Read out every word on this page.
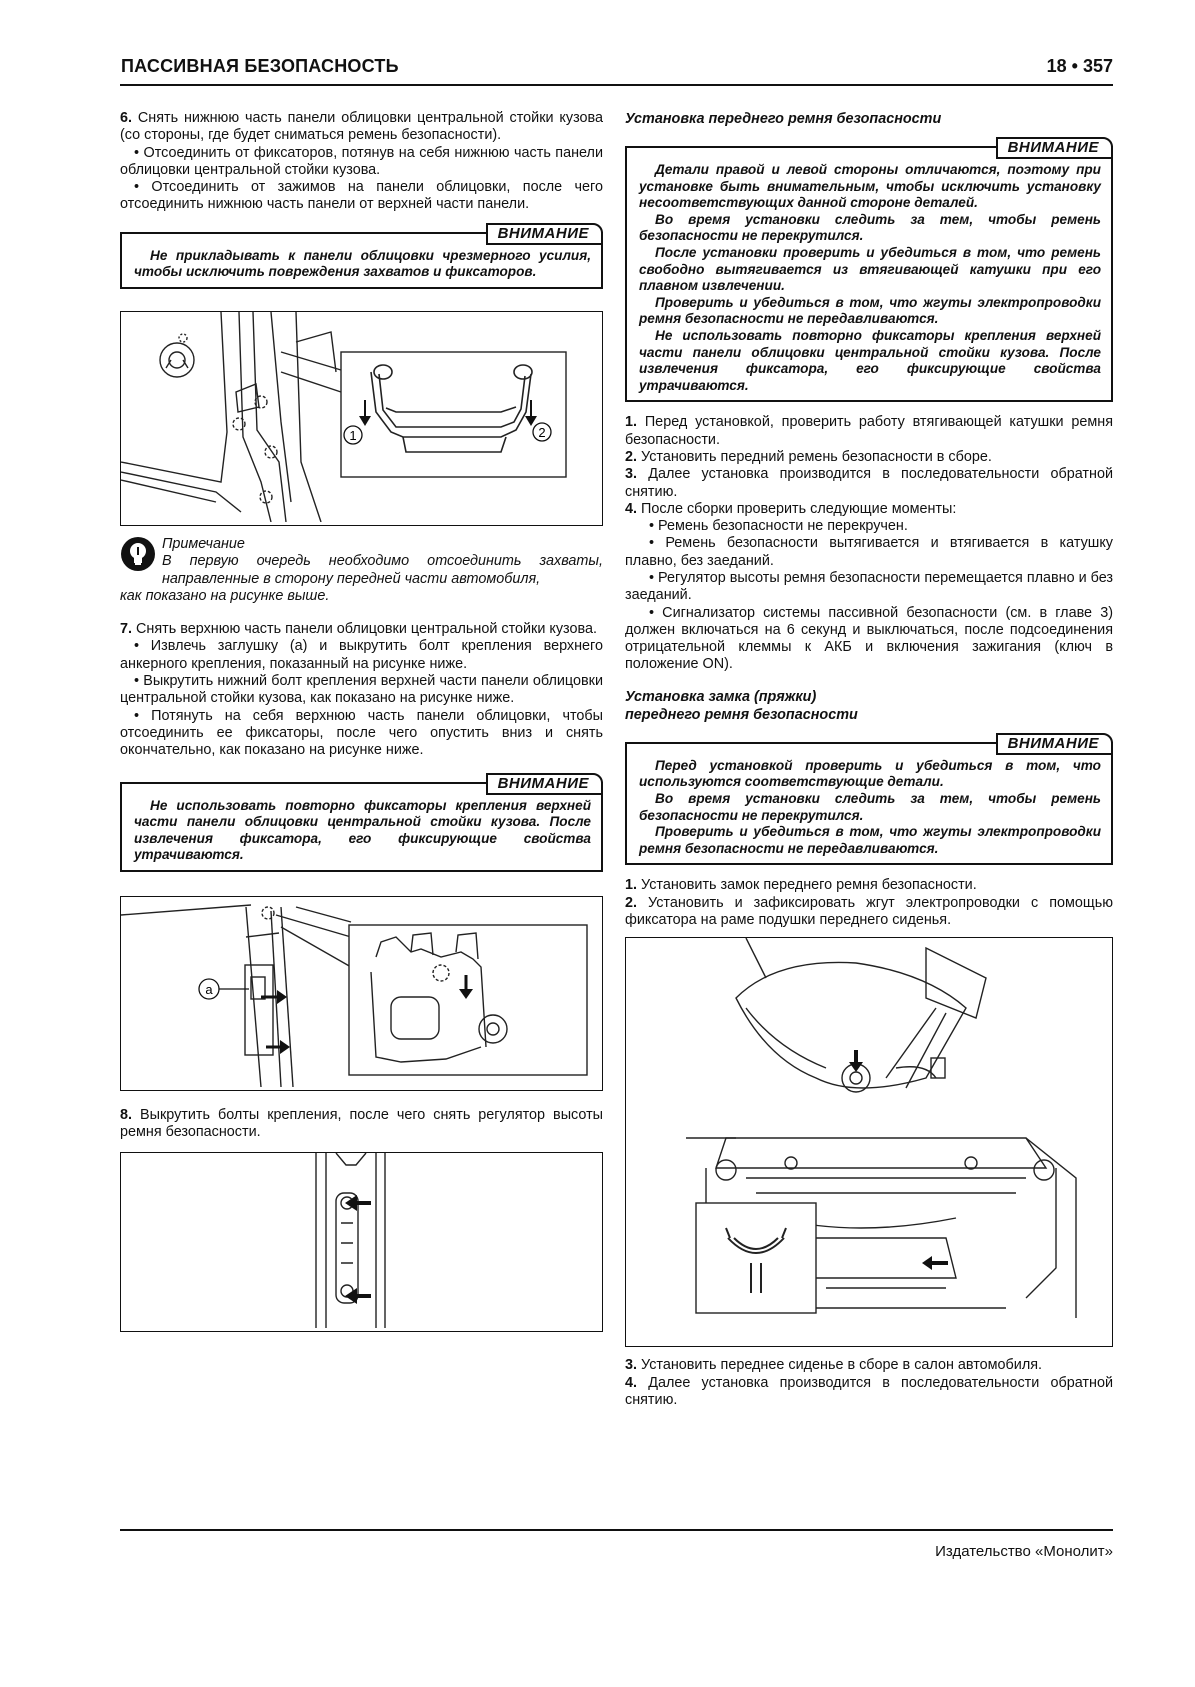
ПАССИВНАЯ БЕЗОПАСНОСТЬ	18 • 357

6. Снять нижнюю часть панели облицовки центральной стойки кузова (со стороны, где будет сниматься ремень безопасности).

• Отсоединить от фиксаторов, потянув на себя нижнюю часть панели облицовки центральной стойки кузова.

• Отсоединить от зажимов на панели облицовки, после чего отсоединить нижнюю часть панели от верхней части панели.

ВНИМАНИЕ

Не прикладывать к панели облицовки чрезмерного усилия, чтобы исключить повреждения захватов и фиксаторов.

1	2

Примечание

В первую очередь необходимо отсоединить захваты, направленные в сторону передней части автомобиля,

как показано на рисунке выше.

7. Снять верхнюю часть панели облицовки центральной стойки кузова.

• Извлечь заглушку (а) и выкрутить болт крепления верхнего анкерного крепления, показанный на рисунке ниже.

• Выкрутить нижний болт крепления верхней части панели облицовки центральной стойки кузова, как показано на рисунке ниже.

• Потянуть на себя верхнюю часть панели облицовки, чтобы отсоединить ее фиксаторы, после чего опустить вниз и снять окончательно, как показано на рисунке ниже.

ВНИМАНИЕ

Не использовать повторно фиксаторы крепления верхней части панели облицовки центральной стойки кузова. После извлечения фиксатора, его фиксирующие свойства утрачиваются.

a

8. Выкрутить болты крепления, после чего снять регулятор высоты ремня безопасности.

Установка переднего ремня безопасности
ВНИМАНИЕ

Детали правой и левой стороны отличаются, поэтому при установке быть внимательным, чтобы исключить установку несоответствующих данной стороне деталей.

Во время установки следить за тем, чтобы ремень безопасности не перекрутился.

После установки проверить и убедиться в том, что ремень свободно вытягивается из втягивающей катушки при его плавном извлечении.

Проверить и убедиться в том, что жгуты электропроводки ремня безопасности не передавливаются.

Не использовать повторно фиксаторы крепления верхней части панели облицовки центральной стойки кузова. После извлечения фиксатора, его фиксирующие свойства утрачиваются.

1. Перед установкой, проверить работу втягивающей катушки ремня безопасности.

2. Установить передний ремень безопасности в сборе.

3. Далее установка производится в последовательности обратной снятию.

4. После сборки проверить следующие моменты:

• Ремень безопасности не перекручен.

• Ремень безопасности вытягивается и втягивается в катушку плавно, без заеданий.

• Регулятор высоты ремня безопасности перемещается плавно и без заеданий.

• Сигнализатор системы пассивной безопасности (см. в главе 3) должен включаться на 6 секунд и выключаться, после подсоединения отрицательной клеммы к АКБ и включения зажигания (ключ в положение ON).

Установка замка (пряжки)
переднего ремня безопасности
ВНИМАНИЕ

Перед установкой проверить и убедиться в том, что используются соответствующие детали.

Во время установки следить за тем, чтобы ремень безопасности не перекрутился.

Проверить и убедиться в том, что жгуты электропроводки ремня безопасности не передавливаются.

1. Установить замок переднего ремня безопасности.

2. Установить и зафиксировать жгут электропроводки с помощью фиксатора на раме подушки переднего сиденья.

3. Установить переднее сиденье в сборе в салон автомобиля.

4. Далее установка производится в последовательности обратной снятию.

Издательство «Монолит»
